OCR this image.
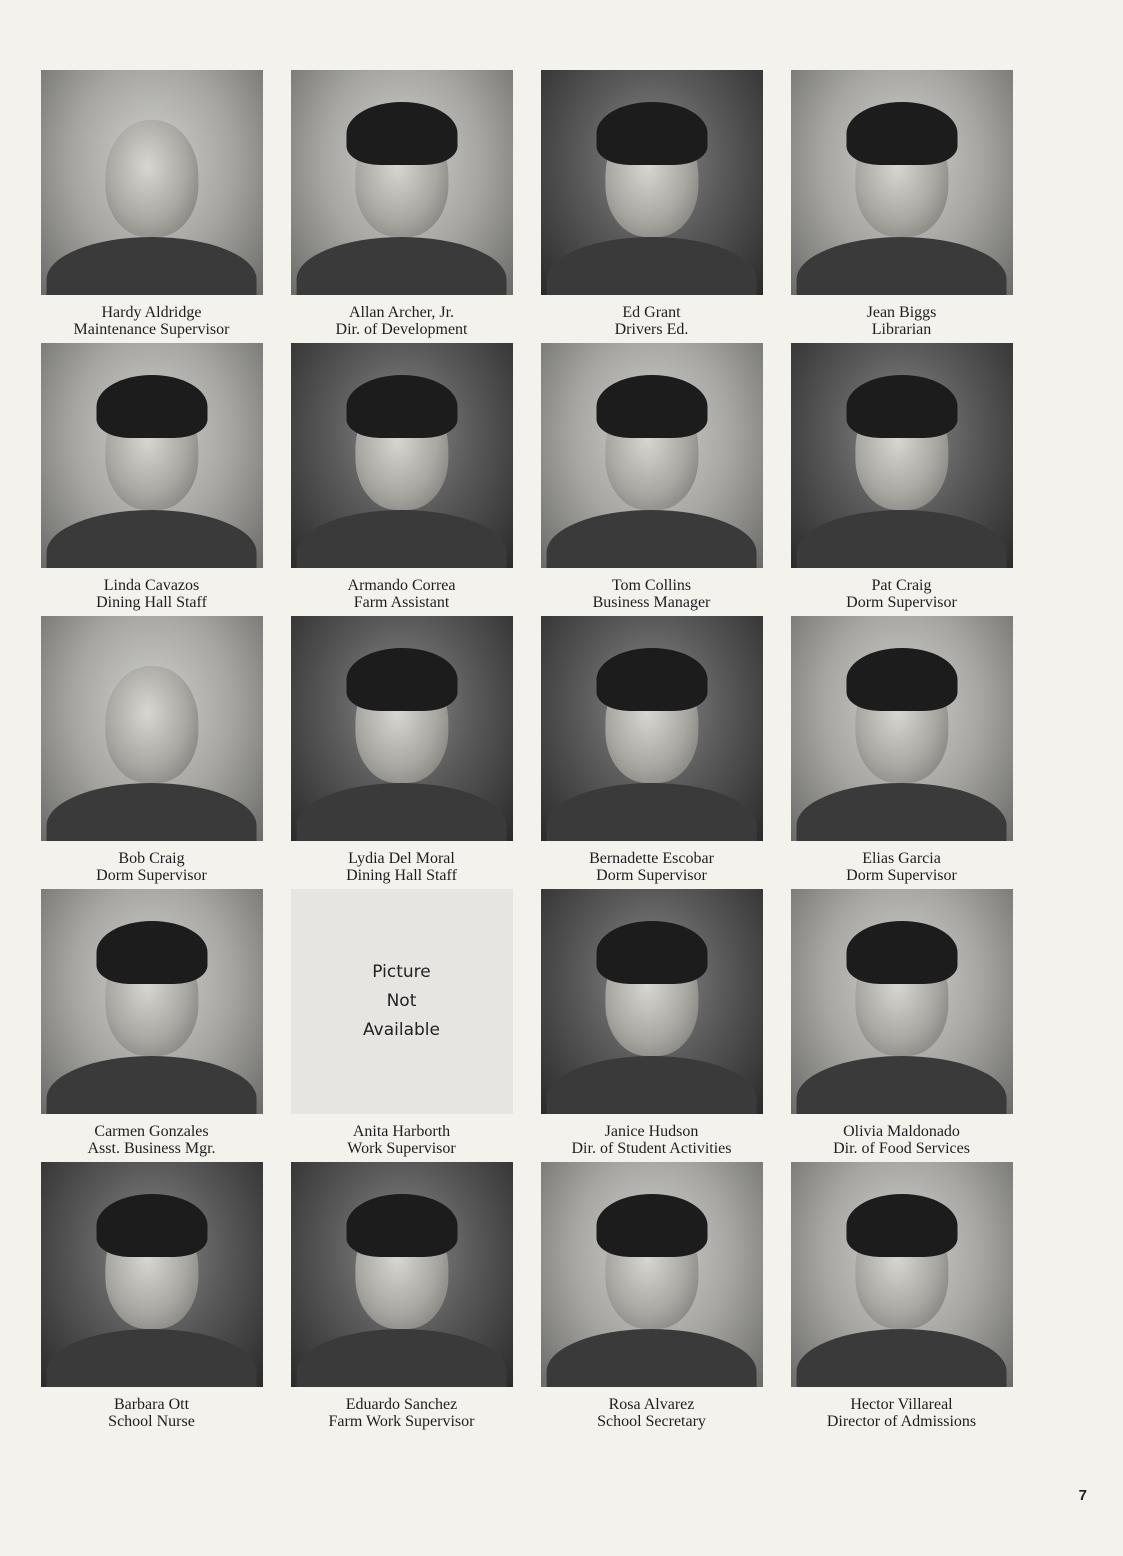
Hardy Aldridge
Maintenance Supervisor
Allan Archer, Jr.
Dir. of Development
Ed Grant
Drivers Ed.
Jean Biggs
Librarian
Linda Cavazos
Dining Hall Staff
Armando Correa
Farm Assistant
Tom Collins
Business Manager
Pat Craig
Dorm Supervisor
Bob Craig
Dorm Supervisor
Lydia Del Moral
Dining Hall Staff
Bernadette Escobar
Dorm Supervisor
Elias Garcia
Dorm Supervisor
Carmen Gonzales
Asst. Business Mgr.
Picture
Not
Available
Anita Harborth
Work Supervisor
Janice Hudson
Dir. of Student Activities
Olivia Maldonado
Dir. of Food Services
Barbara Ott
School Nurse
Eduardo Sanchez
Farm Work Supervisor
Rosa Alvarez
School Secretary
Hector Villareal
Director of Admissions
7
